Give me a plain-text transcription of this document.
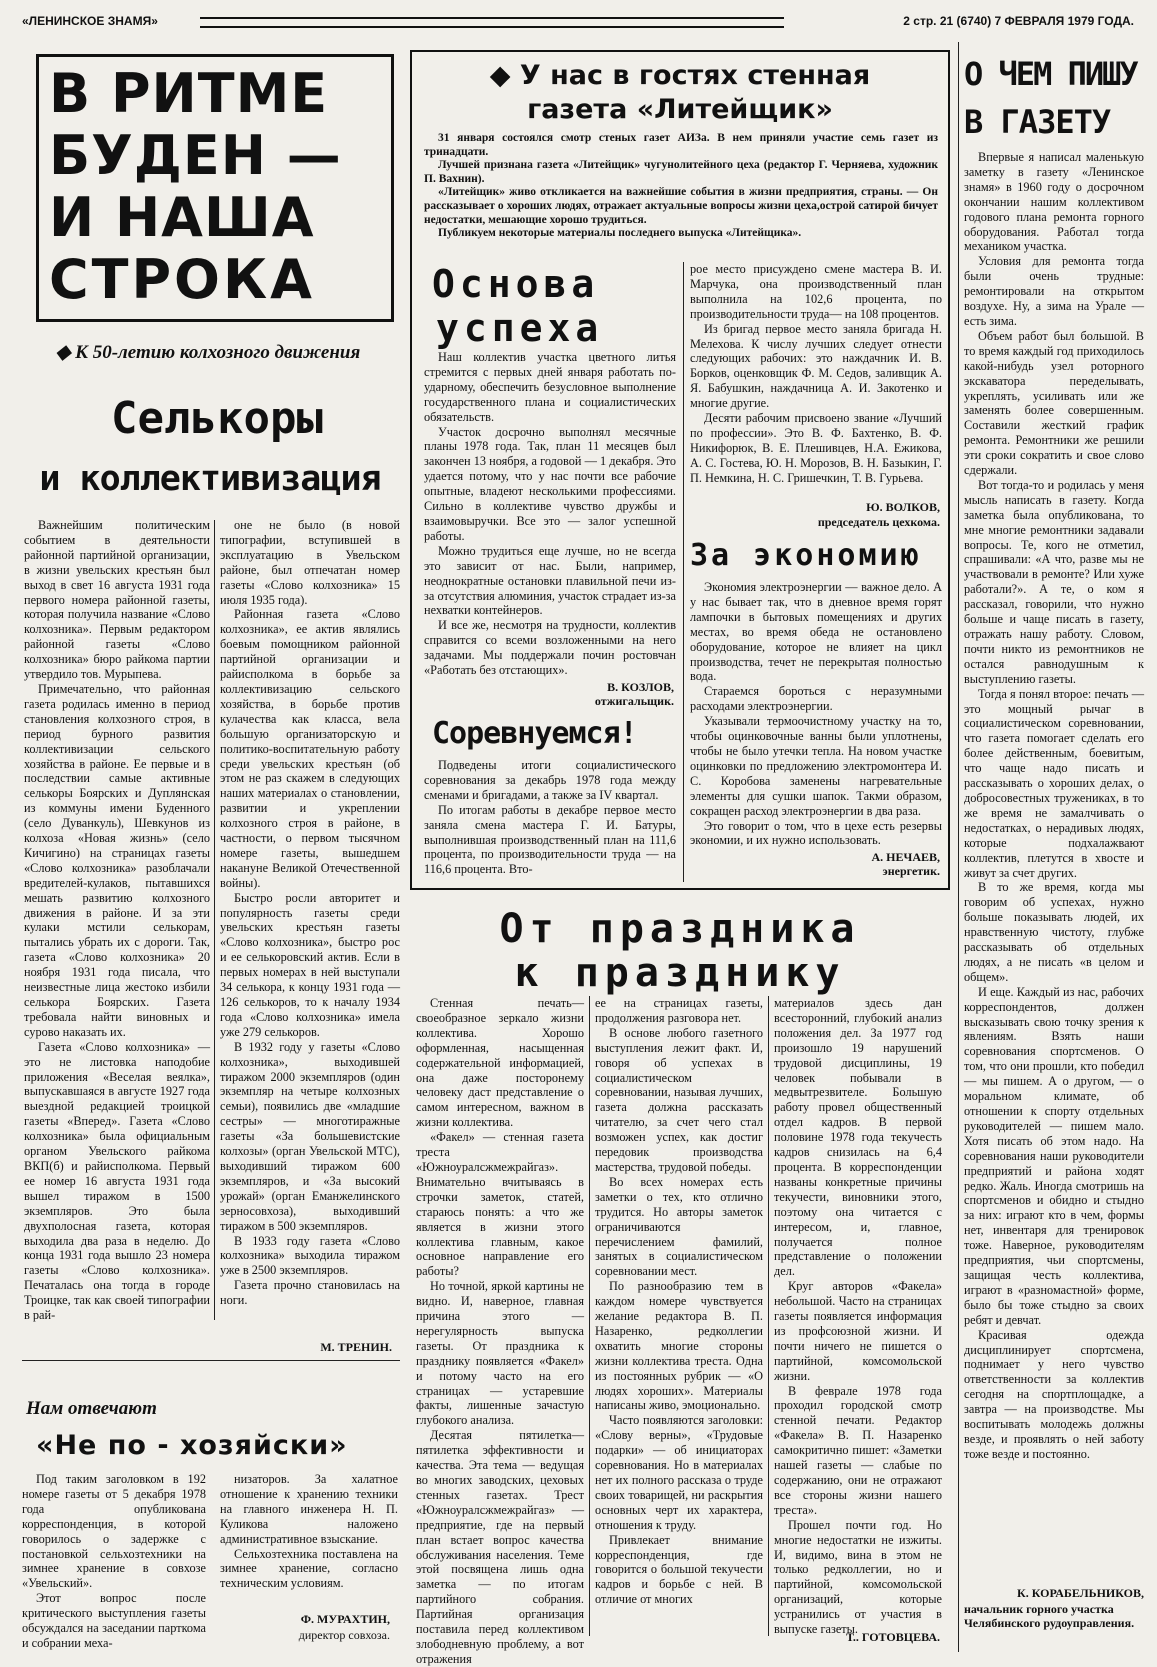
«ЛЕНИНСКОЕ ЗНАМЯ»	2 стр. 21 (6740) 7 ФЕВРАЛЯ 1979 ГОДА.
В РИТМЕ
БУДЕН —
И НАША
СТРОКА
◆ К 50-летию колхозного движения
Селькоры
и коллективизация

Важнейшим политическим событием в деятельности районной партийной организации, в жизни увельских крестьян был выход в свет 16 августа 1931 года первого номера районной газеты, которая получила название «Слово колхозника». Первым редактором районной газеты «Слово колхозника» бюро райкома партии утвердило тов. Мурыпева.

Примечательно, что районная газета родилась именно в период становления колхозного строя, в период бурного развития коллективизации сельского хозяйства в районе. Ее первые и в последствии самые активные селькоры Боярских и Дуплянская из коммуны имени Буденного (село Дуванкуль), Шевкунов из колхоза «Новая жизнь» (село Кичигино) на страницах газеты «Слово колхозника» разоблачали вредителей-кулаков, пытавшихся мешать развитию колхозного движения в районе. И за эти кулаки мстили селькорам, пытались убрать их с дороги. Так, газета «Слово колхозника» 20 ноября 1931 года писала, что неизвестные лица жестоко избили селькора Боярских. Газета требовала найти виновных и сурово наказать их.

Газета «Слово колхозника» — это не листовка наподобие приложения «Веселая веялка», выпускавшаяся в августе 1927 года выездной редакцией троицкой газеты «Вперед». Газета «Слово колхозника» была официальным органом Увельского райкома ВКП(б) и райисполкома. Первый ее номер 16 августа 1931 года вышел тиражом в 1500 экземпляров. Это была двухполосная газета, которая выходила два раза в неделю. До конца 1931 года вышло 23 номера газеты «Слово колхозника». Печаталась она тогда в городе Троицке, так как своей типографии в рай-

оне не было (в новой типографии, вступившей в эксплуатацию в Увельском районе, был отпечатан номер газеты «Слово колхозника» 15 июля 1935 года).

Районная газета «Слово колхозника», ее актив являлись боевым помощником районной партийной организации и райисполкома в борьбе за коллективизацию сельского хозяйства, в борьбе против кулачества как класса, вела большую организаторскую и политико-воспитательную работу среди увельских крестьян (об этом не раз скажем в следующих наших материалах о становлении, развитии и укреплении колхозного строя в районе, в частности, о первом тысячном номере газеты, вышедшем накануне Великой Отечественной войны).

Быстро росли авторитет и популярность газеты среди увельских крестьян газеты «Слово колхозника», быстро рос и ее селькоровский актив. Если в первых номерах в ней выступали 34 селькора, к концу 1931 года — 126 селькоров, то к началу 1934 года «Слово колхозника» имела уже 279 селькоров.

В 1932 году у газеты «Слово колхозника», выходившей тиражом 2000 экземпляров (один экземпляр на четыре колхозных семьи), появились две «младшие сестры» — многотиражные газеты «За большевистские колхозы» (орган Увельской МТС), выходивший тиражом 600 экземпляров, и «За высокий урожай» (орган Еманжелинского зерносовхоза), выходивший тиражом в 500 экземпляров.

В 1933 году газета «Слово колхозника» выходила тиражом уже в 2500 экземпляров.

Газета прочно становилась на ноги.

М. ТРЕНИН.
Нам отвечают
«Не по - хозяйски»

Под таким заголовком в 192 номере газеты от 5 декабря 1978 года опубликована корреспонденция, в которой говорилось о задержке с постановкой сельхозтехники на зимнее хранение в совхозе «Увельский».

Этот вопрос после критического выступления газеты обсуждался на заседании парткома и собрании меха-

низаторов. За халатное отношение к хранению техники на главного инженера Н. П. Куликова наложено административное взыскание.

Сельхозтехника поставлена на зимнее хранение, согласно техническим условиям.

Ф. МУРАХТИН,
директор совхоза.
◆ У нас в гостях стенная
газета «Литейщик»

31 января состоялся смотр стеных газет АИЗа. В нем приняли участие семь газет из тринадцати.

Лучшей признана газета «Литейщик» чугунолитейного цеха (редактор Г. Черняева, художник П. Вахнин).

«Литейщик» живо откликается на важнейшие события в жизни предприятия, страны. — Он рассказывает о хороших людях, отражает актуальные вопросы жизни цеха,острой сатирой бичует недостатки, мешающие хорошо трудиться.

Публикуем некоторые материалы последнего выпуска «Литейщика».

Основа
успеха

Наш коллектив участка цветного литья стремится с первых дней января работать по-ударному, обеспечить безусловное выполнение государственного плана и социалистических обязательств.

Участок досрочно выполнял месячные планы 1978 года. Так, план 11 месяцев был закончен 13 ноября, а годовой — 1 декабря. Это удается потому, что у нас почти все рабочие опытные, владеют несколькими профессиями. Сильно в коллективе чувство дружбы и взаимовыручки. Все это — залог успешной работы.

Можно трудиться еще лучше, но не всегда это зависит от нас. Были, например, неоднократные остановки плавильной печи из-за отсутствия алюминия, участок страдает из-за нехватки контейнеров.

И все же, несмотря на трудности, коллектив справится со всеми возложенными на него задачами. Мы поддержали почин ростовчан «Работать без отстающих».

В. КОЗЛОВ,
отжигальщик.
Соревнуемся!

Подведены итоги социалистического соревнования за декабрь 1978 года между сменами и бригадами, а также за IV квартал.

По итогам работы в декабре первое место заняла смена мастера Г. И. Батуры, выполнившая производственный план на 111,6 процента, по производительности труда — на 116,6 процента. Вто-

рое место присуждено смене мастера В. И. Марчука, она производственный план выполнила на 102,6 процента, по производительности труда— на 108 процентов.

Из бригад первое место заняла бригада Н. Мелехова. К числу лучших следует отнести следующих рабочих: это наждачник И. В. Борков, оценковщик Ф. М. Седов, заливщик А. Я. Бабушкин, наждачница А. И. Закотенко и многие другие.

Десяти рабочим присвоено звание «Лучший по профессии». Это В. Ф. Бахтенко, В. Ф. Никифорюк, В. Е. Плешивцев, Н.А. Ежикова, А. С. Гостева, Ю. Н. Морозов, В. Н. Базыкин, Г. П. Немкина, Н. С. Гришечкин, Т. В. Гурьева.

Ю. ВОЛКОВ,
председатель цехкома.
За экономию

Экономия электроэнергии — важное дело. А у нас бывает так, что в дневное время горят лампочки в бытовых помещениях и других местах, во время обеда не остановлено оборудование, которое не влияет на цикл производства, течет не перекрытая полностью вода.

Стараемся бороться с неразумными расходами электроэнергии.

Указывали термоочистному участку на то, чтобы оцинковочные ванны были уплотнены, чтобы не было утечки тепла. На новом участке оцинковки по предложению электромонтера И. С. Коробова заменены нагревательные элементы для сушки шапок. Такми образом, сокращен расход электроэнергии в два раза.

Это говорит о том, что в цехе есть резервы экономии, и их нужно использовать.

А. НЕЧАЕВ,
энергетик.
От праздника
к празднику

Стенная печать—своеобразное зеркало жизни коллектива. Хорошо оформленная, насыщенная содержательной информацией, она даже посторонему человеку даст представление о самом интересном, важном в жизни коллектива.

«Факел» — стенная газета треста «Южноуралсжмежрайгаз». Внимательно вчитываясь в строчки заметок, статей, стараюсь понять: а что же является в жизни этого коллектива главным, какое основное направление его работы?

Но точной, яркой картины не видно. И, наверное, главная причина этого — нерегулярность выпуска газеты. От праздника к празднику появляется «Факел» и потому часто на его страницах — устаревшие факты, лишенные зачастую глубокого анализа.

Десятая пятилетка—пятилетка эффективности и качества. Эта тема — ведущая во многих заводских, цеховых стенных газетах. Трест «Южноуралсжмежрайгаз» — предприятие, где на первый план встает вопрос качества обслуживания населения. Теме этой посвящена лишь одна заметка — по итогам партийного собрания. Партийная организация поставила перед коллективом злободневную проблему, а вот отражения

ее на страницах газеты, продолжения разговора нет.

В основе любого газетного выступления лежит факт. И, говоря об успехах в социалистическом соревновании, называя лучших, газета должна рассказать читателю, за счет чего стал возможен успех, как достиг передовик производства мастерства, трудовой победы.

Во всех номерах есть заметки о тех, кто отлично трудится. Но авторы заметок ограничиваются перечислением фамилий, занятых в социалистическом соревновании мест.

По разнообразию тем в каждом номере чувствуется желание редактора В. П. Назаренко, редколлегии охватить многие стороны жизни коллектива треста. Одна из постоянных рубрик — «О людях хороших». Материалы написаны живо, эмоционально.

Часто появляются заголовки: «Слову верны», «Трудовые подарки» — об инициаторах соревнования. Но в материалах нет их полного рассказа о труде своих товарищей, ни раскрытия основных черт их характера, отношения к труду.

Привлекает внимание корреспонденция, где говорится о большой текучести кадров и борьбе с ней. В отличие от многих

материалов здесь дан всесторонний, глубокий анализ положения дел. За 1977 год произошло 19 нарушений трудовой дисциплины, 19 человек побывали в медвытрезвителе. Большую работу провел общественный отдел кадров. В первой половине 1978 года текучесть кадров снизилась на 6,4 процента. В корреспонденции названы конкретные причины текучести, виновники этого, поэтому она читается с интересом, и, главное, получается полное представление о положении дел.

Круг авторов «Факела» небольшой. Часто на страницах газеты появляется информация из профсоюзной жизни. И почти ничего не пишется о партийной, комсомольской жизни.

В феврале 1978 года проходил городской смотр стенной печати. Редактор «Факела» В. П. Назаренко самокритично пишет: «Заметки нашей газеты — слабые по содержанию, они не отражают все стороны жизни нашего треста».

Прошел почти год. Но многие недостатки не изжиты. И, видимо, вина в этом не только редколлегии, но и партийной, комсомольской организаций, которые устранились от участия в выпуске газеты.

Т.. ГОТОВЦЕВА.
О ЧЕМ ПИШУ
В ГАЗЕТУ

Впервые я написал маленькую заметку в газету «Ленинское знамя» в 1960 году о досрочном окончании нашим коллективом годового плана ремонта горного оборудования. Работал тогда механиком участка.

Условия для ремонта тогда были очень трудные: ремонтировали на открытом воздухе. Ну, а зима на Урале — есть зима.

Объем работ был большой. В то время каждый год приходилось какой-нибудь узел роторного экскаватора переделывать, укреплять, усиливать или же заменять более совершенным. Составили жесткий график ремонта. Ремонтники же решили эти сроки сократить и свое слово сдержали.

Вот тогда-то и родилась у меня мысль написать в газету. Когда заметка была опубликована, то мне многие ремонтники задавали вопросы. Те, кого не отметил, спрашивали: «А что, разве мы не участвовали в ремонте? Или хуже работали?». А те, о ком я рассказал, говорили, что нужно больше и чаще писать в газету, отражать нашу работу. Словом, почти никто из ремонтников не остался равнодушным к выступлению газеты.

Тогда я понял второе: печать — это мощный рычаг в социалистическом соревновании, что газета помогает сделать его более действенным, боевитым, что чаще надо писать и рассказывать о хороших делах, о добросовестных тружениках, в то же время не замалчивать о недостатках, о нерадивых людях, которые подхалажвают коллектив, плетутся в хвосте и живут за счет других.

В то же время, когда мы говорим об успехах, нужно больше показывать людей, их нравственную чистоту, глубже рассказывать об отдельных людях, а не писать «в целом и общем».

И еще. Каждый из нас, рабочих корреспондентов, должен высказывать свою точку зрения к явлениям. Взять наши соревнования спортсменов. О том, что они прошли, кто победил — мы пишем. А о другом, — о моральном климате, об отношении к спорту отдельных руководителей — пишем мало. Хотя писать об этом надо. На соревнования наши руководители предприятий и района ходят редко. Жаль. Иногда смотришь на спортсменов и обидно и стыдно за них: играют кто в чем, формы нет, инвентаря для тренировок тоже. Наверное, руководителям предприятия, чьи спортсмены, защищая честь коллектива, играют в «разномастной» форме, было бы тоже стыдно за своих ребят и девчат.

Красивая одежда дисциплинирует спортсмена, поднимает у него чувство ответственности за коллектив сегодня на спортплощадке, а завтра — на производстве. Мы воспитывать молодежь должны везде, и проявлять о ней заботу тоже везде и постоянно.

К. КОРАБЕЛЬНИКОВ,
начальник горного участка Челябинского рудоуправления.
